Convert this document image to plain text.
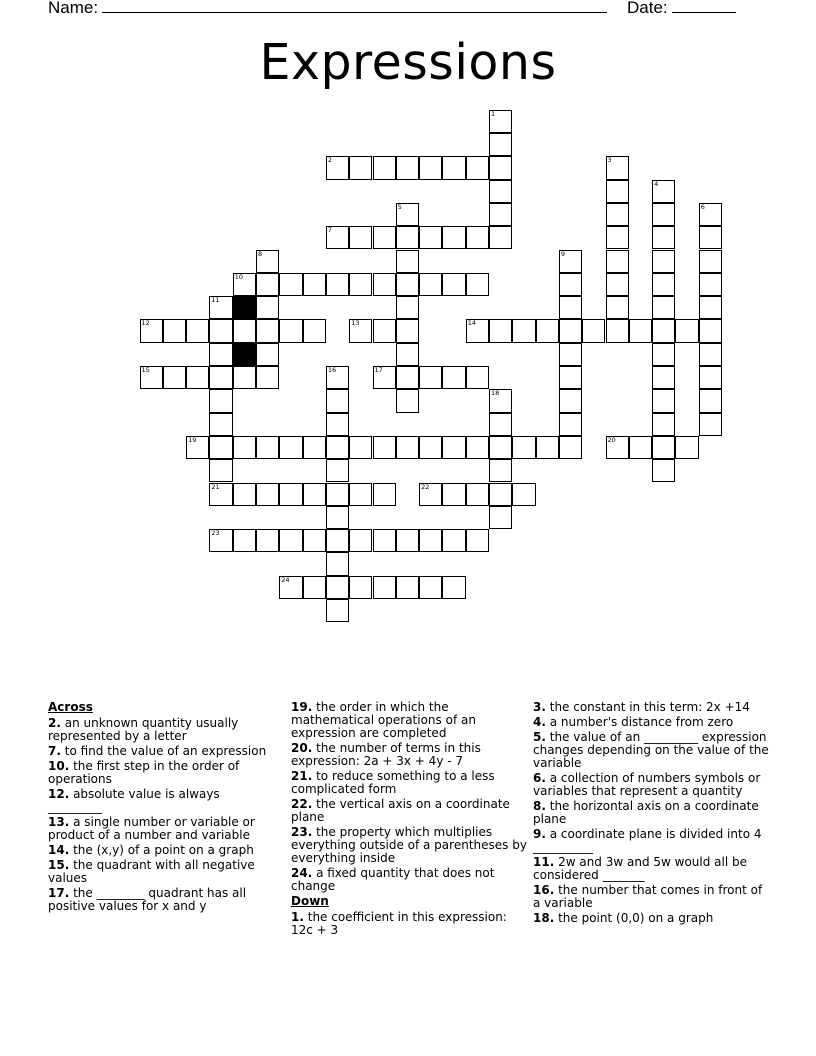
Name:	Date:
Expressions
1
2	3
4
5	6
7
8	9
10
11
12	13	14
15	16	17
18
19	20
21	22
23
24
Across
2. an unknown quantity usually represented by a letter
7. to find the value of an expression
10. the first step in the order of operations
12. absolute value is always _________
13. a single number or variable or product of a number and variable
14. the (x,y) of a point on a graph
15. the quadrant with all negative values
17. the ________ quadrant has all positive values for x and y
19. the order in which the mathematical operations of an expression are completed
20. the number of terms in this expression: 2a + 3x + 4y - 7
21. to reduce something to a less complicated form
22. the vertical axis on a coordinate plane
23. the property which multiplies everything outside of a parentheses by everything inside
24. a fixed quantity that does not change
Down
1. the coefficient in this expression: 12c + 3
3. the constant in this term: 2x +14
4. a number's distance from zero
5. the value of an _________ expression changes depending on the value of the variable
6. a collection of numbers symbols or variables that represent a quantity
8. the horizontal axis on a coordinate plane
9. a coordinate plane is divided into 4 __________
11. 2w and 3w and 5w would all be considered _______
16. the number that comes in front of a variable
18. the point (0,0) on a graph
